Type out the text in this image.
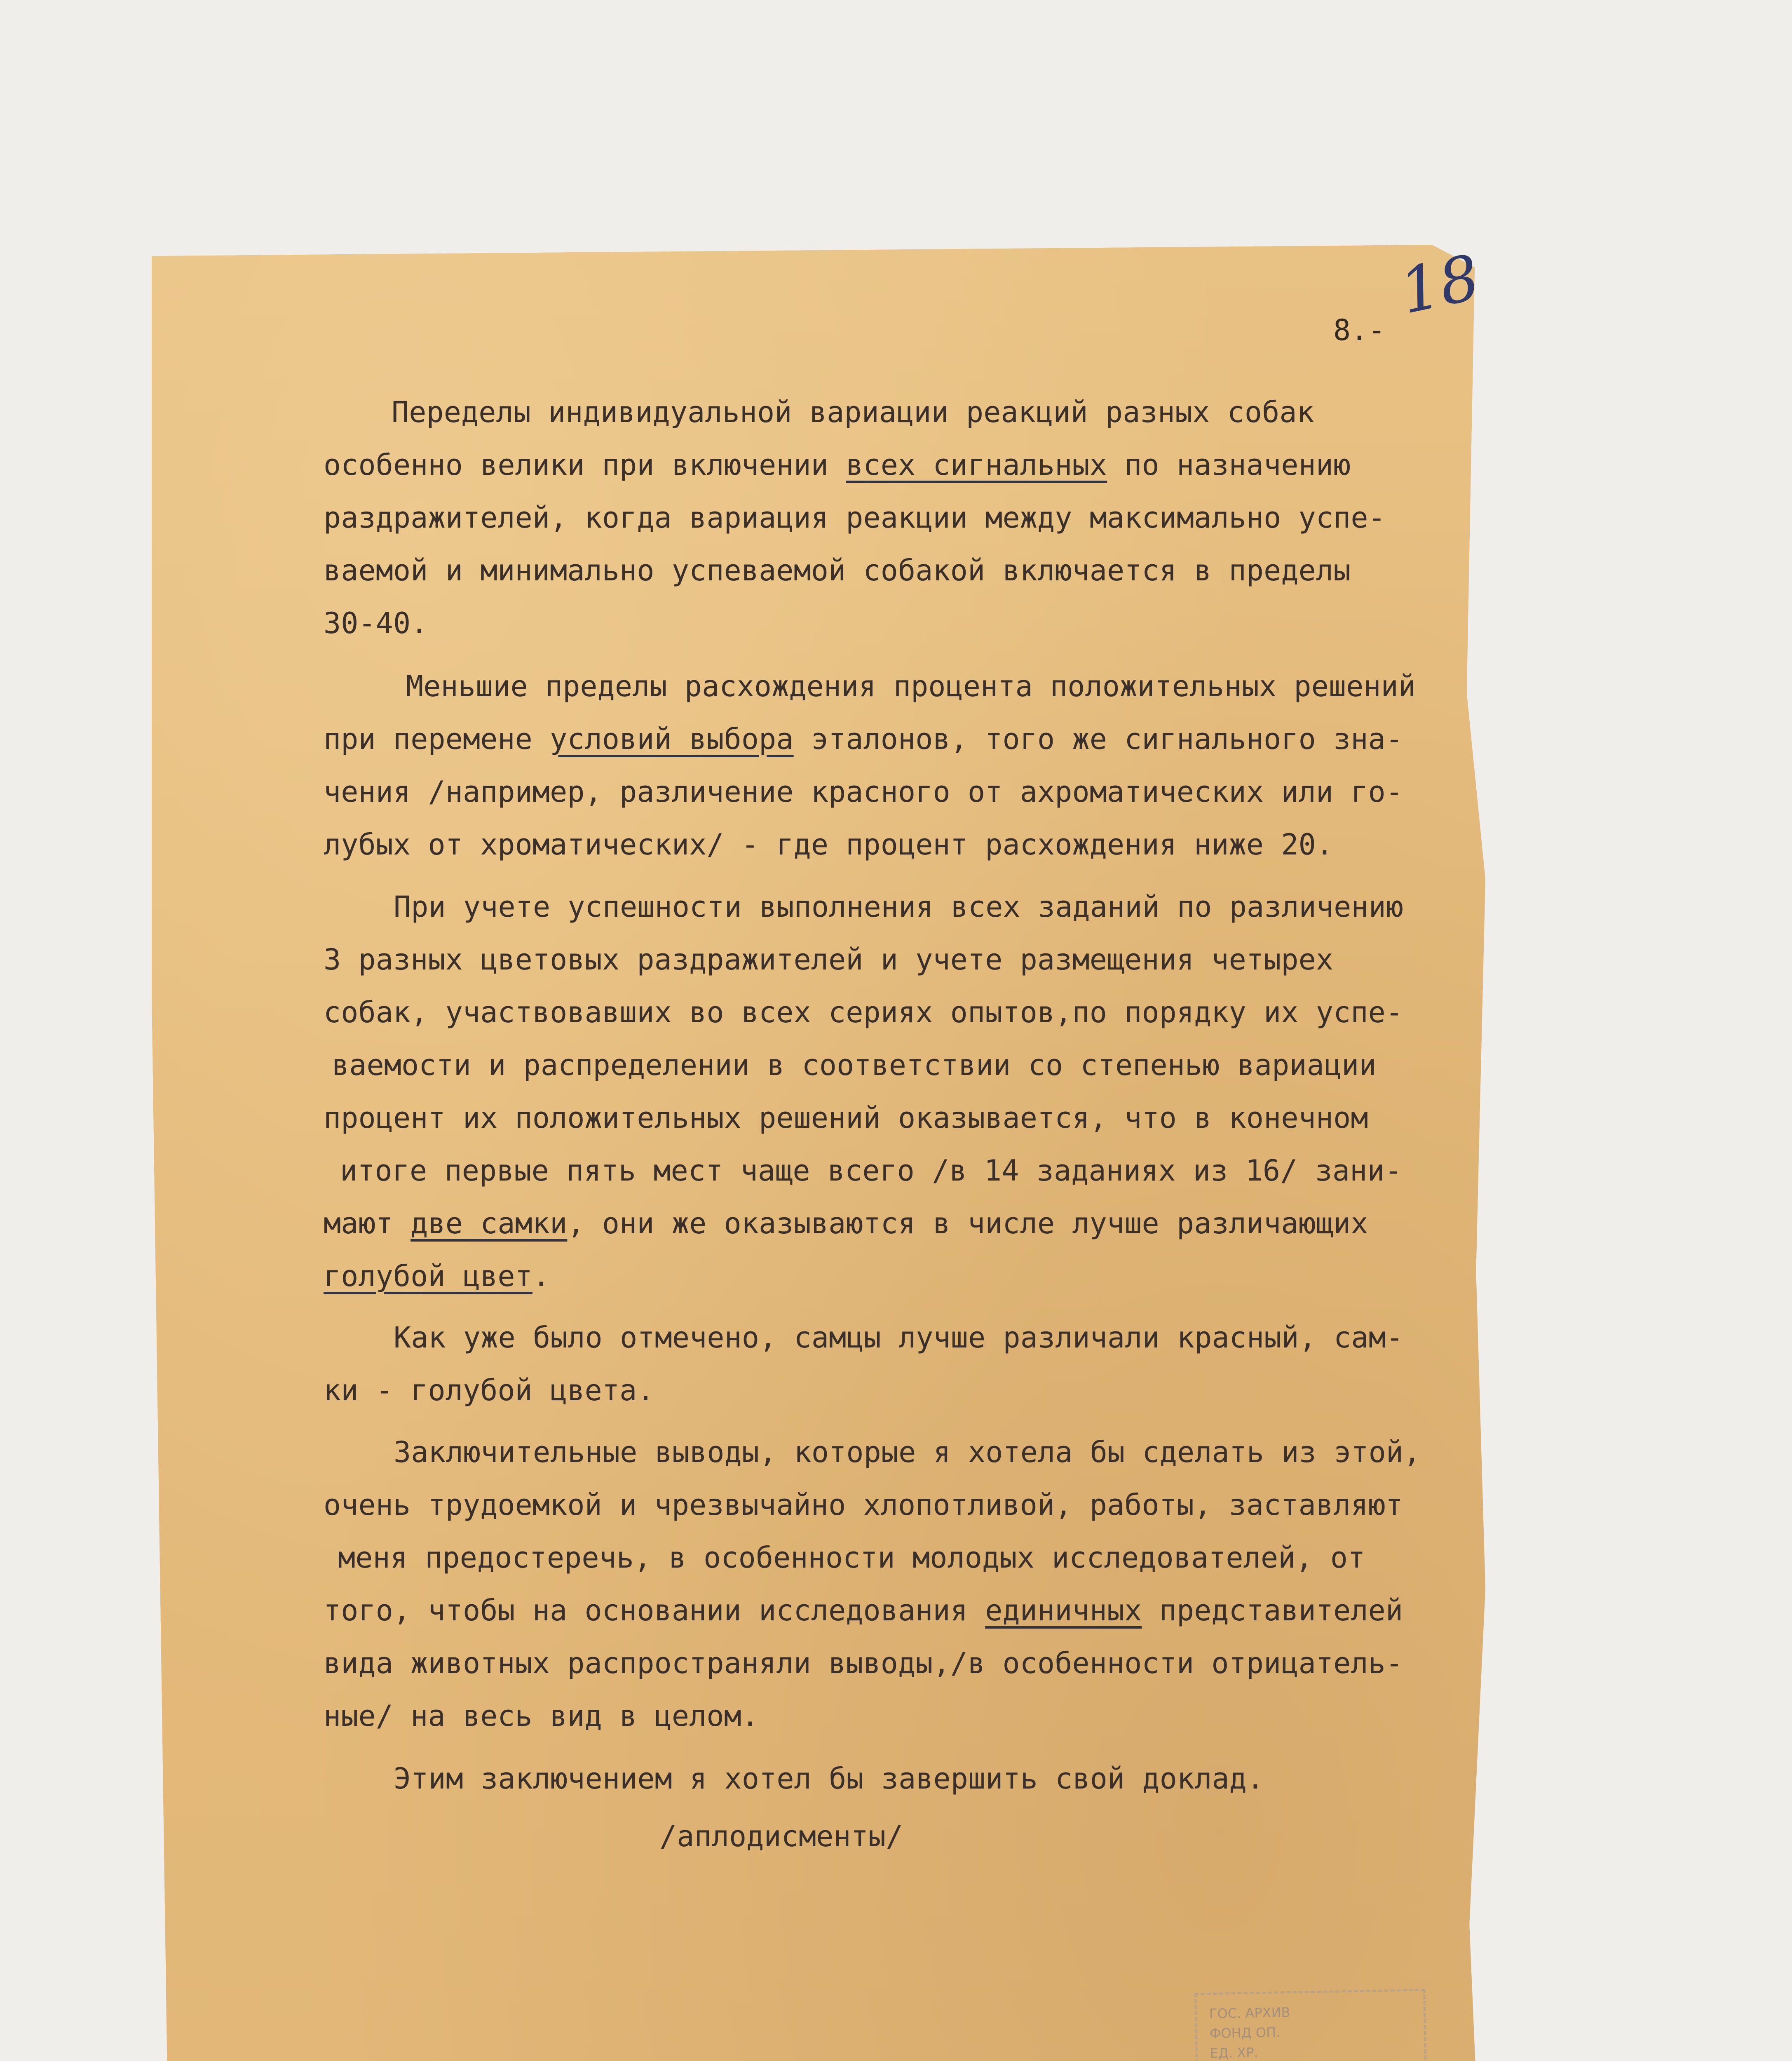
18
8.-
Переделы индивидуальной вариации реакций разных собак
особенно велики при включении всех сигнальных по назначению
раздражителей, когда вариация реакции между максимально успе-
ваемой и минимально успеваемой собакой включается в пределы
30-40.
Меньшие пределы расхождения процента положительных решений
при перемене условий выбора эталонов, того же сигнального зна-
чения /например, различение красного от ахроматических или го-
лубых от хроматических/ - где процент расхождения ниже 20.
При учете успешности выполнения всех заданий по различению
3 разных цветовых раздражителей и учете размещения четырех
собак, участвовавших во всех сериях опытов,по порядку их успе-
ваемости и распределении в соответствии со степенью вариации
процент их положительных решений оказывается, что в конечном
итоге первые пять мест чаще всего /в 14 заданиях из 16/ зани-
мают две самки, они же оказываются в числе лучше различающих
голубой цвет.
Как уже было отмечено, самцы лучше различали красный, сам-
ки - голубой цвета.
Заключительные выводы, которые я хотела бы сделать из этой,
очень трудоемкой и чрезвычайно хлопотливой, работы, заставляют
меня предостеречь, в особенности молодых исследователей, от
того, чтобы на основании исследования единичных представителей
вида животных распространяли выводы,/в особенности отрицатель-
ные/ на весь вид в целом.
Этим заключением я хотел бы завершить свой доклад.
/аплодисменты/
ГОС. АРХИВ
ФОНД ОП.
ЕД. ХР.
